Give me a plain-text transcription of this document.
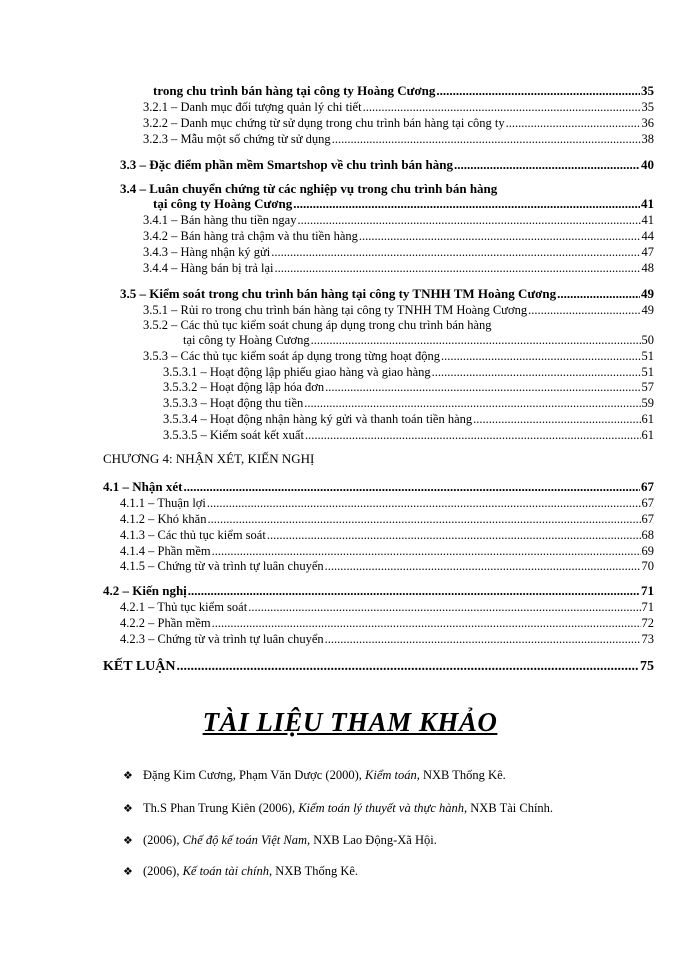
trong chu trình bán hàng tại công ty Hoàng Cương .....	35
3.2.1 – Danh mục đối tượng quản lý chi tiết .....	35
3.2.2 – Danh mục chứng từ sử dụng trong chu trình bán hàng tại công ty .....	36
3.2.3 – Mẫu một số chứng từ sử dụng .....	38
3.3 – Đặc điểm phần mềm Smartshop về chu trình bán hàng .....	40
3.4 – Luân chuyển chứng từ các nghiệp vụ trong chu trình bán hàng
tại công ty Hoàng Cương .....	41
3.4.1 – Bán hàng thu tiền ngay .....	41
3.4.2 – Bán hàng trả chậm và thu tiền hàng .....	44
3.4.3 – Hàng nhận ký gửi .....	47
3.4.4 – Hàng bán bị trả lại .....	48
3.5 – Kiểm soát trong chu trình bán hàng tại công ty TNHH TM Hoàng Cương .....	49
3.5.1 – Rủi ro trong chu trình bán hàng tại công ty TNHH TM Hoàng Cương .....	49
3.5.2 – Các thủ tục kiểm soát chung áp dụng trong chu trình bán hàng
tại công ty Hoàng Cương .....	50
3.5.3 – Các thủ tục kiểm soát áp dụng trong từng hoạt động .....	51
3.5.3.1 – Hoạt động lập phiếu giao hàng và giao hàng .....	51
3.5.3.2 – Hoạt động lập hóa đơn .....	57
3.5.3.3 – Hoạt động thu tiền .....	59
3.5.3.4 – Hoạt động nhận hàng ký gửi và thanh toán tiền hàng .....	61
3.5.3.5 – Kiểm soát kết xuất .....	61
CHƯƠNG 4: NHẬN XÉT, KIẾN NGHỊ
4.1 – Nhận xét .....	67
4.1.1 – Thuận lợi .....	67
4.1.2 – Khó khăn .....	67
4.1.3 – Các thủ tục kiểm soát .....	68
4.1.4 – Phần mềm .....	69
4.1.5 – Chứng từ và trình tự luân chuyển .....	70
4.2 – Kiến nghị .....	71
4.2.1 – Thủ tục kiểm soát .....	71
4.2.2 – Phần mềm .....	72
4.2.3 – Chứng từ và trình tự luân chuyển .....	73
KẾT LUẬN .....	75
TÀI LIỆU THAM KHẢO
❖ Đặng Kim Cương, Phạm Văn Dược (2000), Kiểm toán, NXB Thống Kê.
❖ Th.S Phan Trung Kiên (2006), Kiểm toán lý thuyết và thực hành, NXB Tài Chính.
❖ (2006), Chế độ kế toán Việt Nam, NXB Lao Động-Xã Hội.
❖ (2006), Kế toán tài chính, NXB Thống Kê.
